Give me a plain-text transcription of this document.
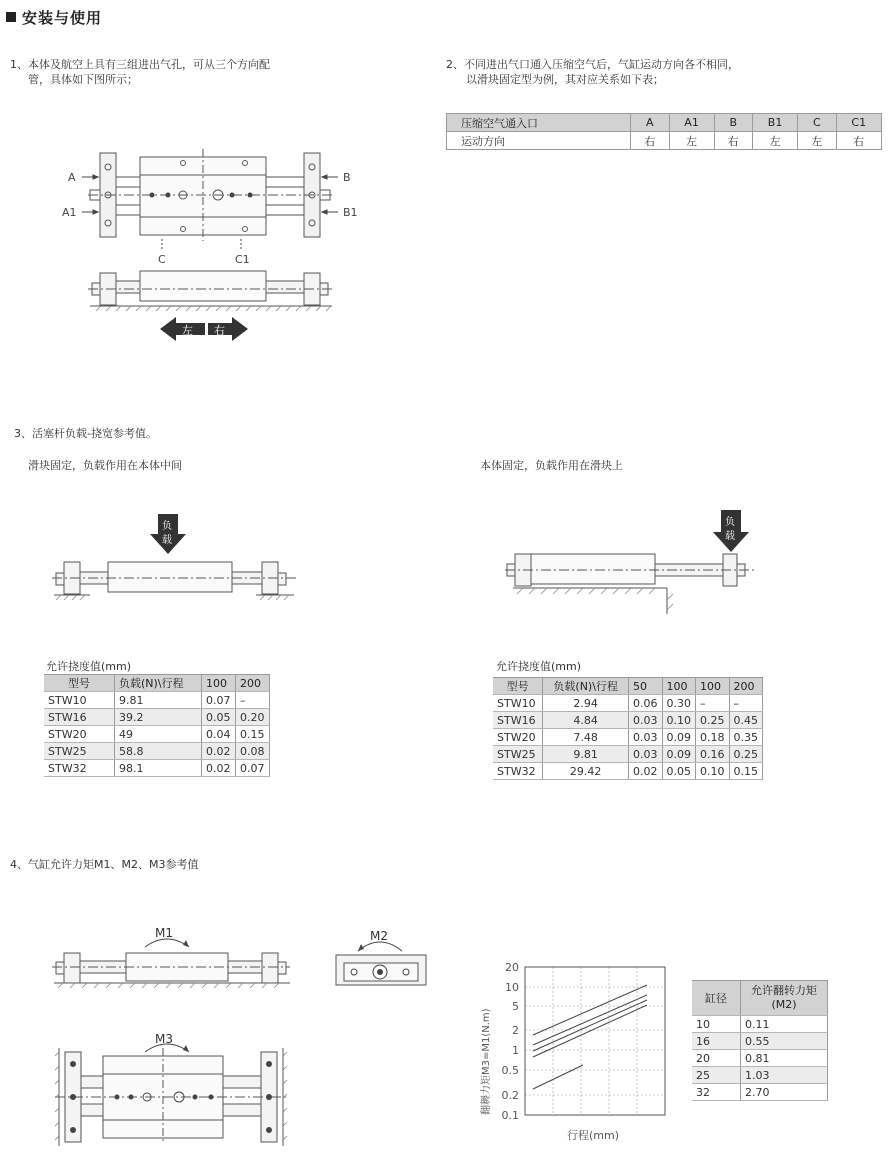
安装与使用
1、本体及航空上具有三组进出气孔，可从三个方向配
管，具体如下图所示；
A
A1
B
B1
C	C1
左 右
2、不同进出气口通入压缩空气后，气缸运动方向各不相同，
以滑块固定型为例，其对应关系如下表；
压缩空气通入口	A	A1	B	B1	C	C1
运动方向	右	左	右	左	左	右
3、活塞杆负载-挠宽参考值。
滑块固定，负载作用在本体中间	本体固定，负载作用在滑块上
负
载
负
载
允许挠度值(mm)
型号	负载(N)\行程	100	200
STW10	9.81	0.07	–
STW16	39.2	0.05	0.20
STW20	49	0.04	0.15
STW25	58.8	0.02	0.08
STW32	98.1	0.02	0.07
允许挠度值(mm)
型号	负载(N)\行程	50	100	100	200
STW10	2.94	0.06	0.30	–	–
STW16	4.84	0.03	0.10	0.25	0.45
STW20	7.48	0.03	0.09	0.18	0.35
STW25	9.81	0.03	0.09	0.16	0.25
STW32	29.42	0.02	0.05	0.10	0.15
4、气缸允许力矩M1、M2、M3参考值
M1	M2
M3
20
10
5
2
1
0.5
0.2
0.1
翻耨力矩M3=M1(N.m)
行程(mm)
缸径	允许翻转力矩(M2)
10	0.11
16	0.55
20	0.81
25	1.03
32	2.70
